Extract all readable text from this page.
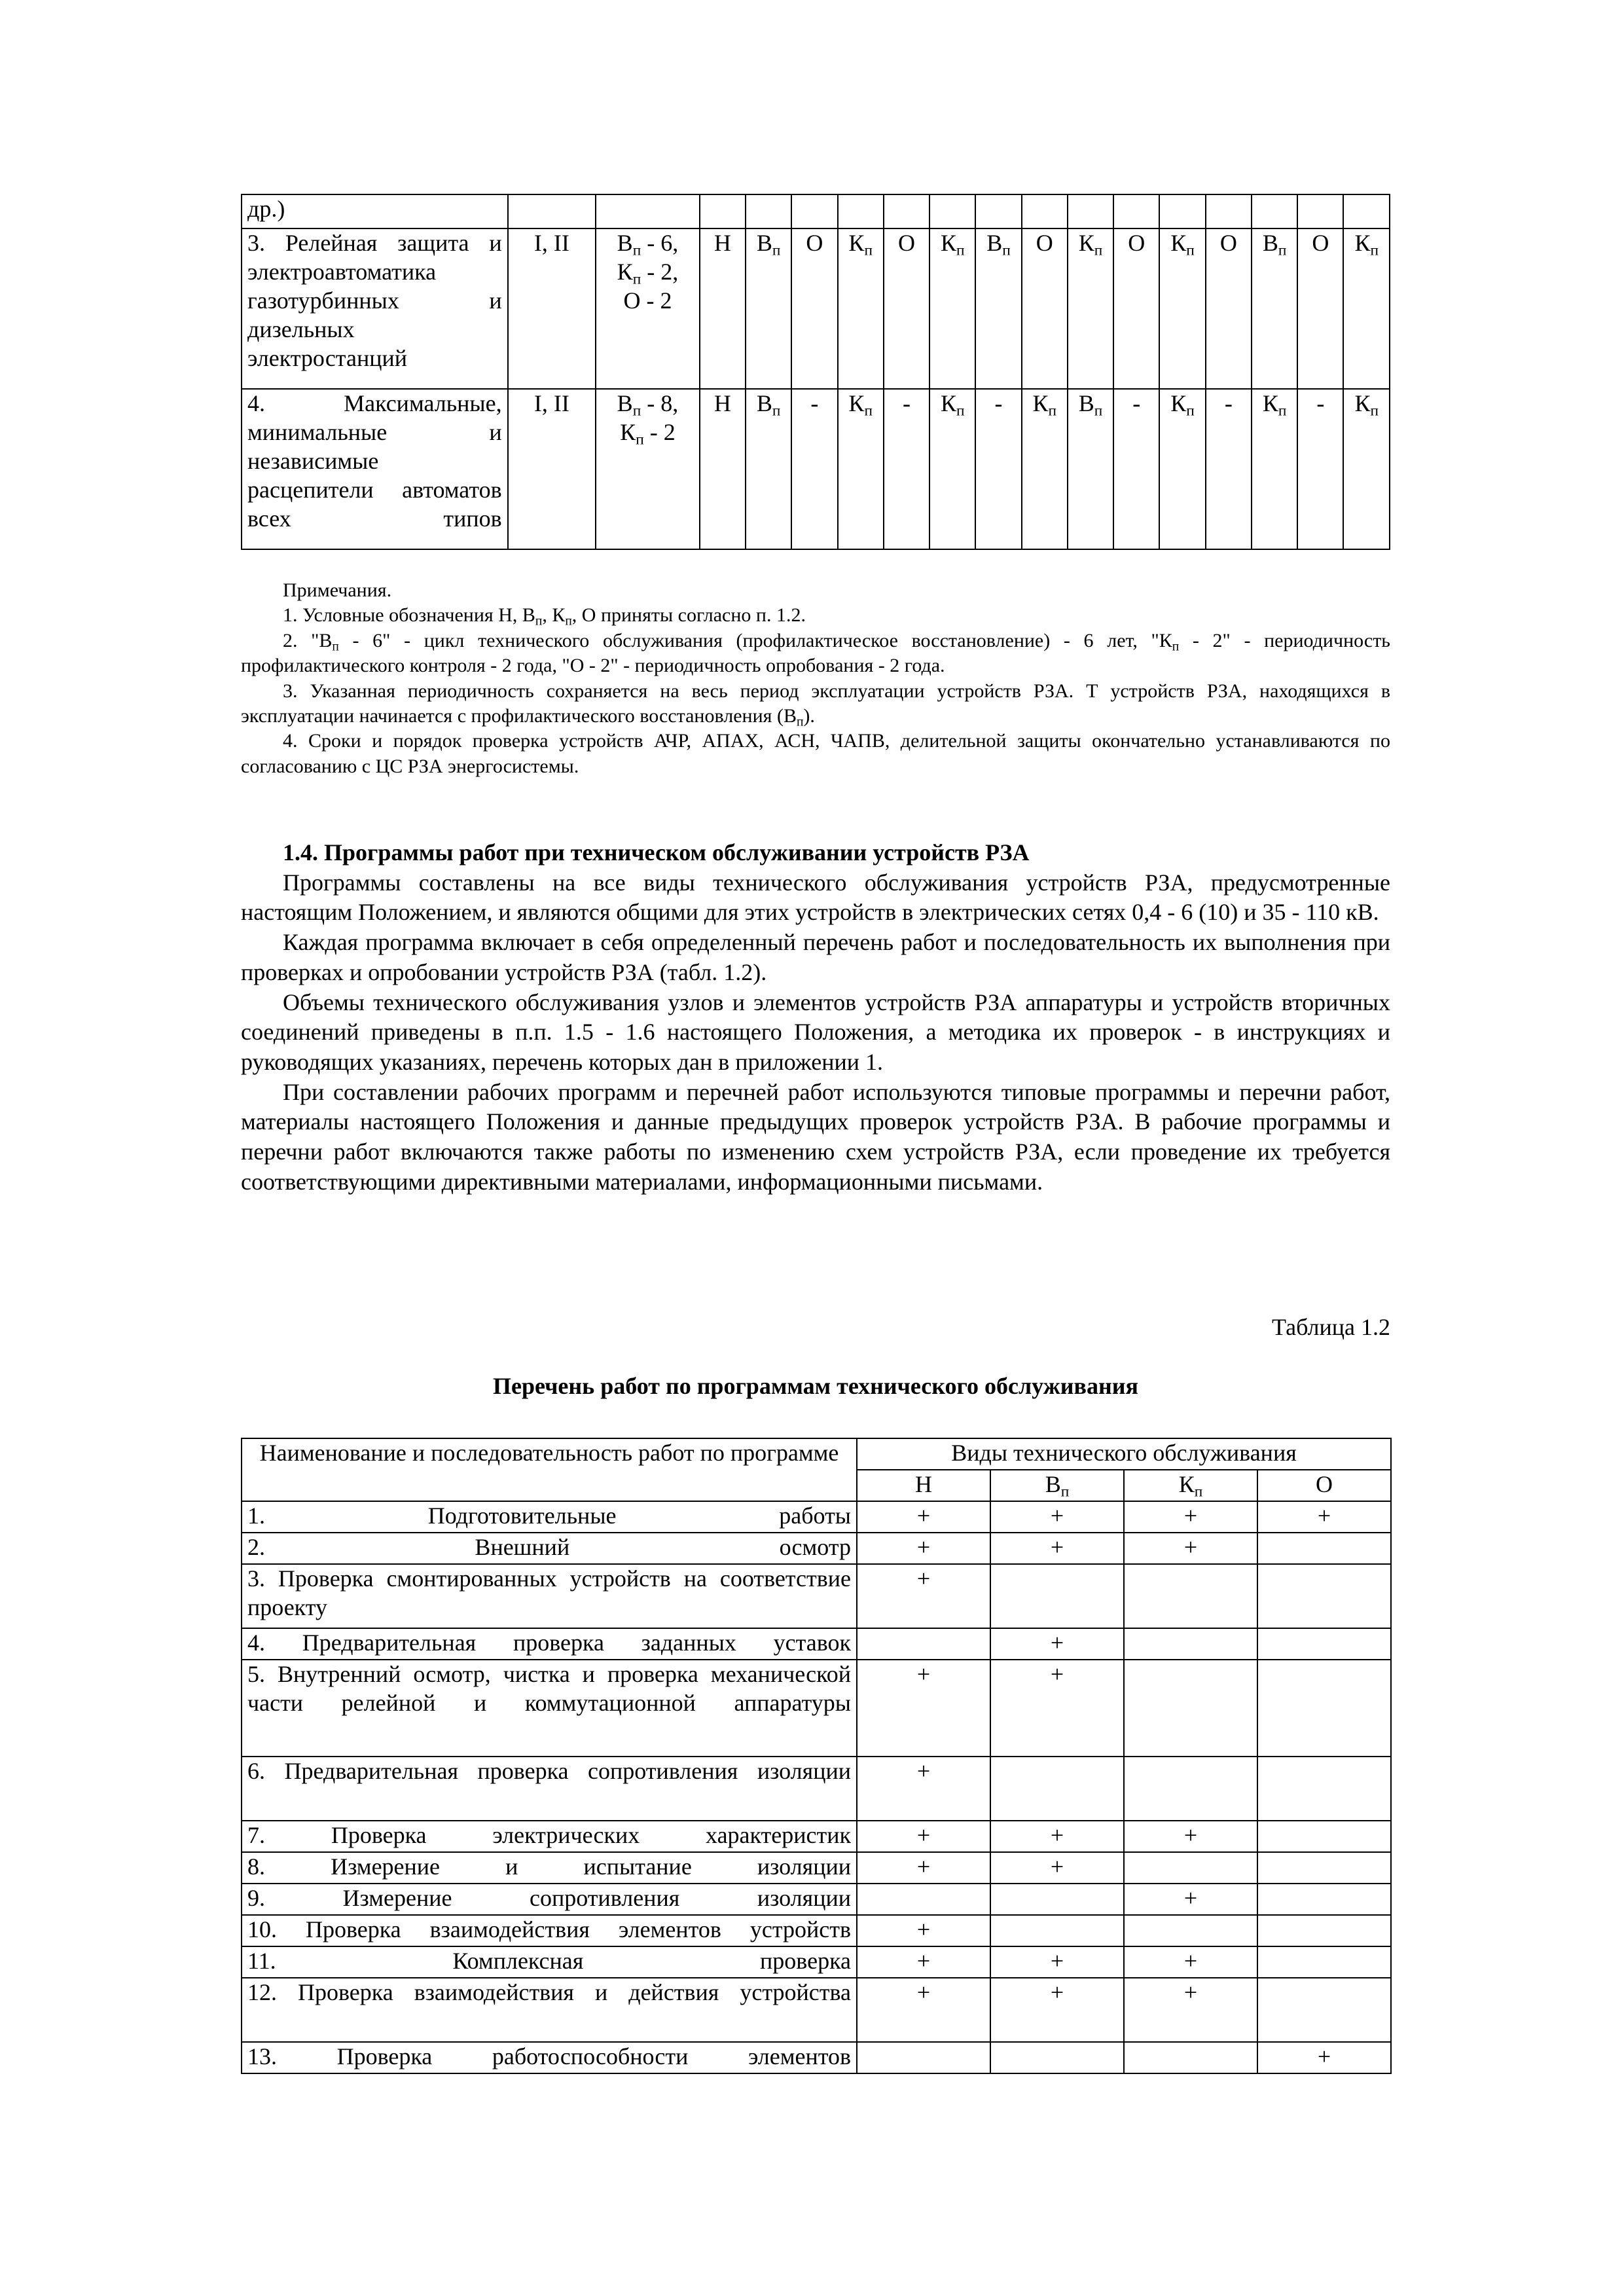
др.)																	
3. Релейная защита и электроавтоматика газотурбинных и дизельных электростанций	I, II	$В_п - 6$,
$К_п - 2$,
О - 2	Н	$В_п$	О	$К_п$	О	$К_п$	$В_п$	О	$К_п$	О	$К_п$	О	$В_п$	О	$К_п$
4. Максимальные, минимальные и независимые расцепители автоматов всех типов	I, II	$В_п - 8$,
$К_п - 2$	Н	$В_п$	-	$К_п$	-	$К_п$	-	$К_п$	$В_п$	-	$К_п$	-	$К_п$	-	$К_п$

Примечания.

1. Условные обозначения Н, $В_п$, $К_п$, О приняты согласно п. 1.2.

2. "$В_п - 6$" - цикл технического обслуживания (профилактическое восстановление) - 6 лет, "$К_п - 2$" - периодичность профилактического контроля - 2 года, "О - 2" - периодичность опробования - 2 года.

3. Указанная периодичность сохраняется на весь период эксплуатации устройств РЗА. Т устройств РЗА, находящихся в эксплуатации начинается с профилактического восстановления $(В_п)$.

4. Сроки и порядок проверка устройств АЧР, АПАХ, АСН, ЧАПВ, делительной защиты окончательно устанавливаются по согласованию с ЦС РЗА энергосистемы.

1.4. Программы работ при техническом обслуживании устройств РЗА

Программы составлены на все виды технического обслуживания устройств РЗА, предусмотренные настоящим Положением, и являются общими для этих устройств в электрических сетях 0,4 - 6 (10) и 35 - 110 кВ.

Каждая программа включает в себя определенный перечень работ и последовательность их выполнения при проверках и опробовании устройств РЗА (табл. 1.2).

Объемы технического обслуживания узлов и элементов устройств РЗА аппаратуры и устройств вторичных соединений приведены в п.п. 1.5 - 1.6 настоящего Положения, а методика их проверок - в инструкциях и руководящих указаниях, перечень которых дан в приложении 1.

При составлении рабочих программ и перечней работ используются типовые программы и перечни работ, материалы настоящего Положения и данные предыдущих проверок устройств РЗА. В рабочие программы и перечни работ включаются также работы по изменению схем устройств РЗА, если проведение их требуется соответствующими директивными материалами, информационными письмами.

Таблица 1.2
Перечень работ по программам технического обслуживания
Наименование и последовательность работ по программе	Виды технического обслуживания			
	Н	$В_п$	$К_п$	О
1. Подготовительные работы	+	+	+	+
2. Внешний осмотр	+	+	+	
3. Проверка смонтированных устройств на соответствие проекту	+			
4. Предварительная проверка заданных уставок		+		
5. Внутренний осмотр, чистка и проверка механической части релейной и коммутационной аппаратуры	+	+		
6. Предварительная проверка сопротивления изоляции	+			
7. Проверка электрических характеристик	+	+	+	
8. Измерение и испытание изоляции	+	+		
9. Измерение сопротивления изоляции			+	
10. Проверка взаимодействия элементов устройств	+			
11. Комплексная проверка	+	+	+	
12. Проверка взаимодействия и действия устройства	+	+	+	
13. Проверка работоспособности элементов				+
